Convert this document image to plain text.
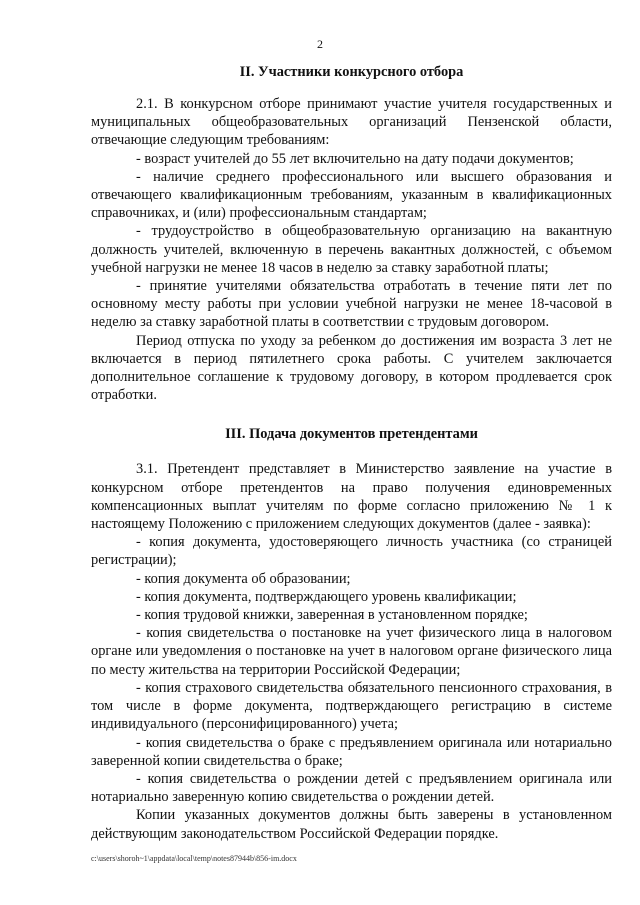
2
II. Участники конкурсного отбора

2.1. В конкурсном отборе принимают участие учителя государственных и муниципальных общеобразовательных организаций Пензенской области, отвечающие следующим требованиям:

- возраст учителей до 55 лет включительно на дату подачи документов;

- наличие среднего профессионального или высшего образования и отвечающего квалификационным требованиям, указанным в квалификационных справочниках, и (или) профессиональным стандартам;

- трудоустройство в общеобразовательную организацию на вакантную должность учителей, включенную в перечень вакантных должностей, с объемом учебной нагрузки не менее 18 часов в неделю за ставку заработной платы;

- принятие учителями обязательства отработать в течение пяти лет по основному месту работы при условии учебной нагрузки не менее 18-часовой в неделю за ставку заработной платы в соответствии с трудовым договором.

Период отпуска по уходу за ребенком до достижения им возраста 3 лет не включается в период пятилетнего срока работы. С учителем заключается дополнительное соглашение к трудовому договору, в котором продлевается срок отработки.

III. Подача документов претендентами

3.1. Претендент представляет в Министерство заявление на участие в конкурсном отборе претендентов на право получения единовременных компенсационных выплат учителям по форме согласно приложению № 1 к настоящему Положению с приложением следующих документов (далее - заявка):

- копия документа, удостоверяющего личность участника (со страницей регистрации);

- копия документа об образовании;

- копия документа, подтверждающего уровень квалификации;

- копия трудовой книжки, заверенная в установленном порядке;

- копия свидетельства о постановке на учет физического лица в налоговом органе или уведомления о постановке на учет в налоговом органе физического лица по месту жительства на территории Российской Федерации;

- копия страхового свидетельства обязательного пенсионного страхования, в том числе в форме документа, подтверждающего регистрацию в системе индивидуального (персонифицированного) учета;

- копия свидетельства о браке с предъявлением оригинала или нотариально заверенной копии свидетельства о браке;

- копия свидетельства о рождении детей с предъявлением оригинала или нотариально заверенную копию свидетельства о рождении детей.

Копии указанных документов должны быть заверены в установленном действующим законодательством Российской Федерации порядке.

c:\users\shoroh~1\appdata\local\temp\notes87944b\856-im.docx
